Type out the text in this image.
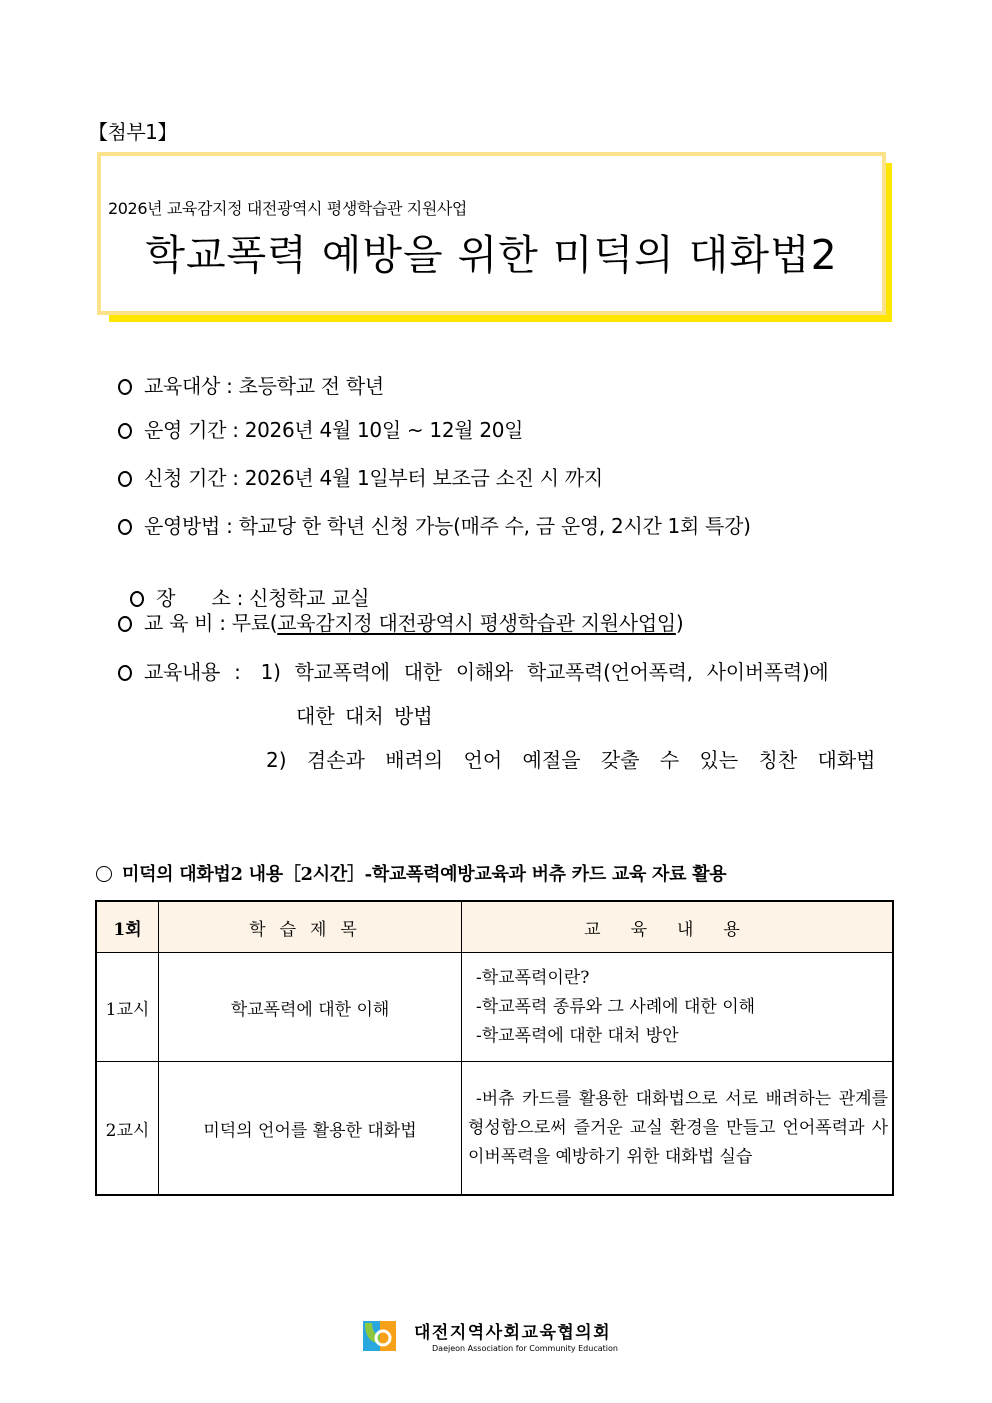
【첨부1】
2026년 교육감지정 대전광역시 평생학습관 지원사업
학교폭력 예방을 위한 미덕의 대화법2
교육대상 : 초등학교 전 학년
운영 기간 : 2026년 4월 10일 ~ 12월 20일
신청 기간 : 2026년 4월 1일부터 보조금 소진 시 까지
운영방법 : 학교당 한 학년 신청 가능(매주 수, 금 운영, 2시간 1회 특강)

장      소 : 신청학교 교실

교 육 비 : 무료(교육감지정 대전광역시 평생학습관 지원사업임)
교육내용 : 1) 학교폭력에 대한 이해와 학교폭력(언어폭력, 사이버폭력)에
대한 대처 방법
2) 겸손과 배려의 언어 예절을 갖출 수 있는 칭찬 대화법
미덕의 대화법2 내용［2시간］-학교폭력예방교육과 버츄 카드 교육 자료 활용
1회	학습제목	교육내용
1교시	학교폭력에 대한 이해	-학교폭력이란?
-학교폭력 종류와 그 사례에 대한 이해
-학교폭력에 대한 대처 방안

2교시	미덕의 언어를 활용한 대화법	-버츄 카드를 활용한 대화법으로 서로 배려하는 관계를 형성함으로써 즐거운 교실 환경을 만들고 언어폭력과 사이버폭력을 예방하기 위한 대화법 실습
대전지역사회교육협의회
Daejeon Association for Community Education
